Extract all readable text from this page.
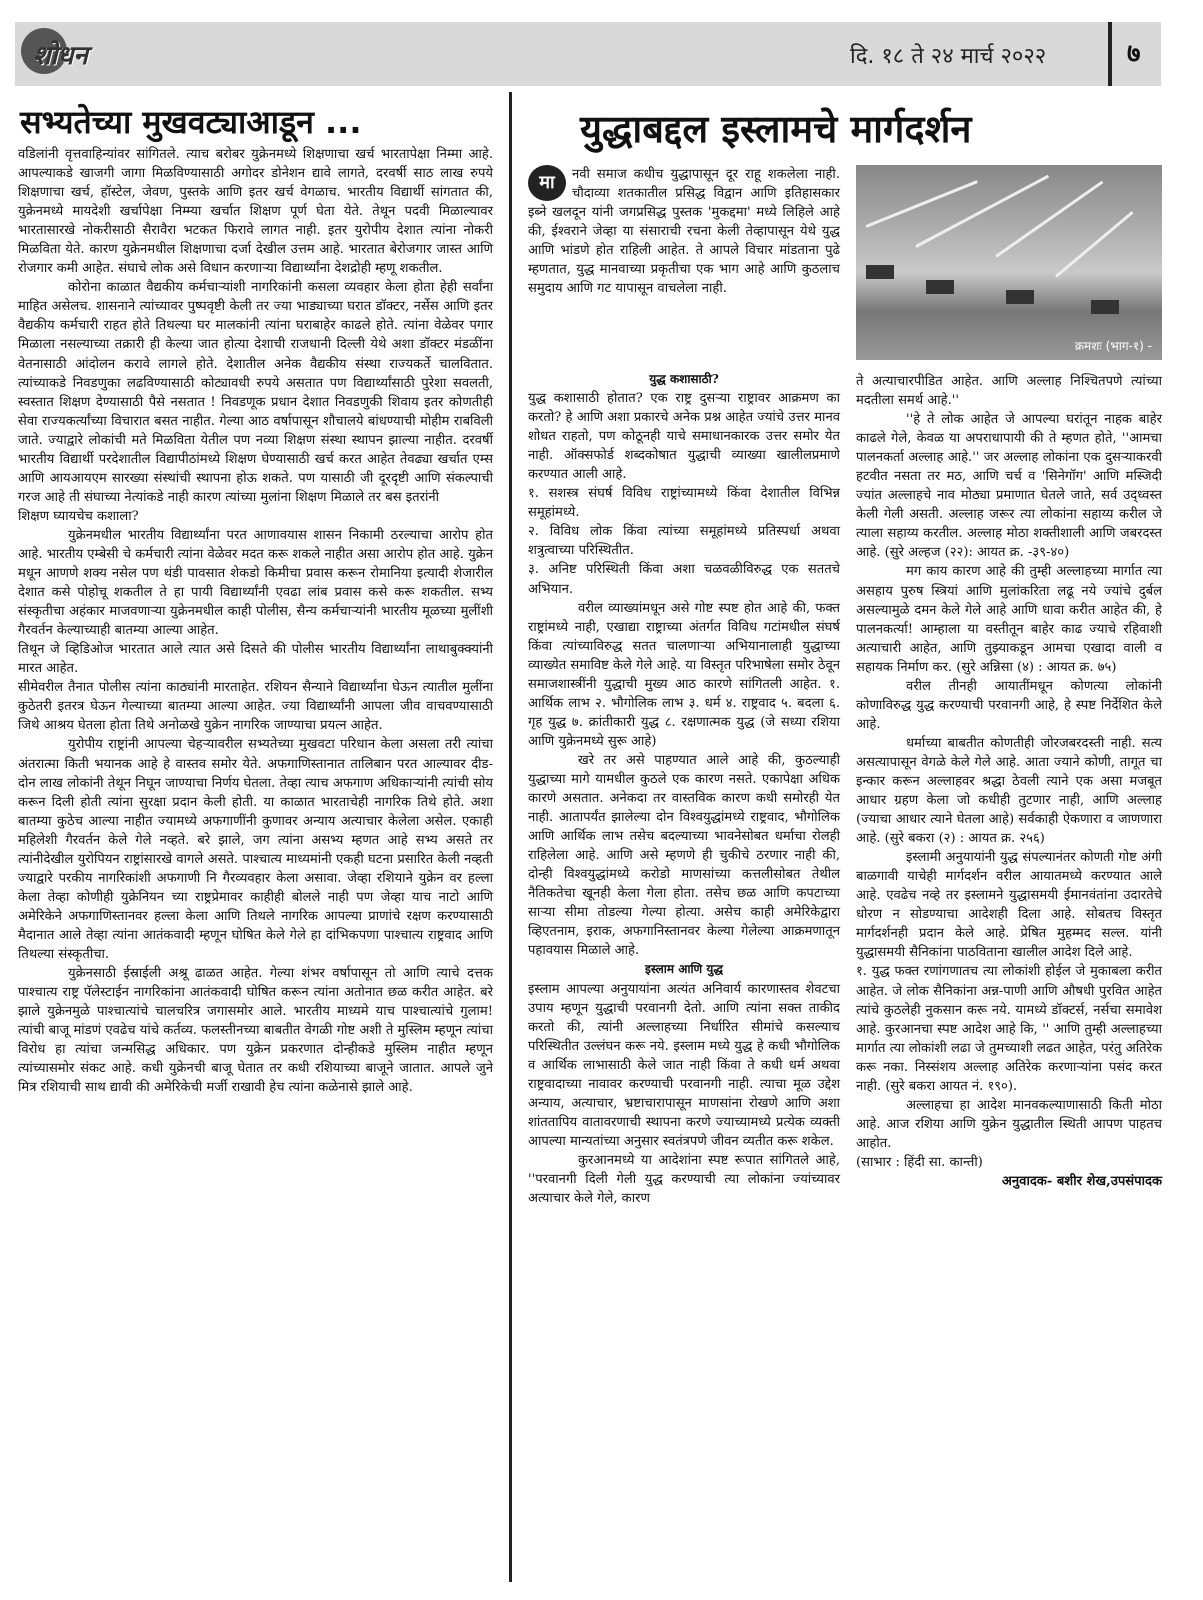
शोधन	दि. १८ ते २४ मार्च २०२२	७
सभ्यतेच्या मुखवट्याआडून ...

वडिलांनी वृत्तवाहिन्यांवर सांगितले. त्याच बरोबर युक्रेनमध्ये शिक्षणाचा खर्च भारतापेक्षा निम्मा आहे. आपल्याकडे खाजगी जागा मिळविण्यासाठी अगोदर डोनेशन द्यावे लागते, दरवर्षी साठ लाख रुपये शिक्षणाचा खर्च, हॉस्टेल, जेवण, पुस्तके आणि इतर खर्च वेगळाच. भारतीय विद्यार्थी सांगतात की, युक्रेनमध्ये मायदेशी खर्चापेक्षा निम्म्या खर्चात शिक्षण पूर्ण घेता येते. तेथून पदवी मिळाल्यावर भारतासारखे नोकरीसाठी सैरावैरा भटकत फिरावे लागत नाही. इतर युरोपीय देशात त्यांना नोकरी मिळविता येते. कारण युक्रेनमधील शिक्षणाचा दर्जा देखील उत्तम आहे. भारतात बेरोजगार जास्त आणि रोजगार कमी आहेत. संघाचे लोक असे विधान करणाऱ्या विद्यार्थ्यांना देशद्रोही म्हणू शकतील.

कोरोना काळात वैद्यकीय कर्मचाऱ्यांशी नागरिकांनी कसला व्यवहार केला होता हेही सर्वांना माहित असेलच. शासनाने त्यांच्यावर पुष्पवृष्टी केली तर ज्या भाड्याच्या घरात डॉक्टर, नर्सेस आणि इतर वैद्यकीय कर्मचारी राहत होते तिथल्या घर मालकांनी त्यांना घराबाहेर काढले होते. त्यांना वेळेवर पगार मिळाला नसल्याच्या तक्रारी ही केल्या जात होत्या देशाची राजधानी दिल्ली येथे अशा डॉक्टर मंडळींना वेतनासाठी आंदोलन करावे लागले होते. देशातील अनेक वैद्यकीय संस्था राज्यकर्ते चालवितात. त्यांच्याकडे निवडणुका लढविण्यासाठी कोट्यावधी रुपये असतात पण विद्यार्थ्यांसाठी पुरेशा सवलती, स्वस्तात शिक्षण देण्यासाठी पैसे नसतात ! निवडणूक प्रधान देशात निवडणुकी शिवाय इतर कोणतीही सेवा राज्यकर्त्यांच्या विचारात बसत नाहीत. गेल्या आठ वर्षापासून शौचालये बांधण्याची मोहीम राबविली जाते. ज्याद्वारे लोकांची मते मिळविता येतील पण नव्या शिक्षण संस्था स्थापन झाल्या नाहीत. दरवर्षी भारतीय विद्यार्थी परदेशातील विद्यापीठांमध्ये शिक्षण घेण्यासाठी खर्च करत आहेत तेवढ्या खर्चात एम्स आणि आयआयएम सारख्या संस्थांची स्थापना होऊ शकते. पण यासाठी जी दूरदृष्टी आणि संकल्पाची गरज आहे ती संघाच्या नेत्यांकडे नाही कारण त्यांच्या मुलांना शिक्षण मिळाले तर बस इतरांनी

शिक्षण घ्यायचेच कशाला?

युक्रेनमधील भारतीय विद्यार्थ्यांना परत आणावयास शासन निकामी ठरल्याचा आरोप होत आहे. भारतीय एम्बेसी चे कर्मचारी त्यांना वेळेवर मदत करू शकले नाहीत असा आरोप होत आहे. युक्रेन मधून आणणे शक्य नसेल पण थंडी पावसात शेकडो किमीचा प्रवास करून रोमानिया इत्यादी शेजारील देशात कसे पोहोचू शकतील ते हा पायी विद्यार्थ्यांनी एवढा लांब प्रवास कसे करू शकतील. सभ्य संस्कृतीचा अहंकार माजवणाऱ्या युक्रेनमधील काही पोलीस, सैन्य कर्मचाऱ्यांनी भारतीय मूळच्या मुलींशी गैरवर्तन केल्याच्याही बातम्या आल्या आहेत.

तिथून जे व्हिडिओज भारतात आले त्यात असे दिसते की पोलीस भारतीय विद्यार्थ्यांना लाथाबुक्क्यांनी मारत आहेत.

सीमेवरील तैनात पोलीस त्यांना काठ्यांनी मारताहेत. रशियन सैन्याने विद्यार्थ्यांना घेऊन त्यातील मुलींना कुठेतरी इतरत्र घेऊन गेल्याच्या बातम्या आल्या आहेत. ज्या विद्यार्थ्यांनी आपला जीव वाचवण्यासाठी जिथे आश्रय घेतला होता तिथे अनोळखे युक्रेन नागरिक जाण्याचा प्रयत्न आहेत.

युरोपीय राष्ट्रांनी आपल्या चेहऱ्यावरील सभ्यतेच्या मुखवटा परिधान केला असला तरी त्यांचा अंतरात्मा किती भयानक आहे हे वास्तव समोर येते. अफगाणिस्तानात तालिबान परत आल्यावर दीड-दोन लाख लोकांनी तेथून निघून जाण्याचा निर्णय घेतला. तेव्हा त्याच अफगाण अधिकाऱ्यांनी त्यांची सोय करून दिली होती त्यांना सुरक्षा प्रदान केली होती. या काळात भारताचेही नागरिक तिथे होते. अशा बातम्या कुठेच आल्या नाहीत ज्यामध्ये अफगाणींनी कुणावर अन्याय अत्याचार केलेला असेल. एकाही महिलेशी गैरवर्तन केले गेले नव्हते. बरे झाले, जग त्यांना असभ्य म्हणत आहे सभ्य असते तर त्यांनीदेखील युरोपियन राष्ट्रांसारखे वागले असते. पाश्चात्य माध्यमांनी एकही घटना प्रसारित केली नव्हती ज्याद्वारे परकीय नागरिकांशी अफगाणी नि गैरव्यवहार केला असावा. जेव्हा रशियाने युक्रेन वर हल्ला केला तेव्हा कोणीही युक्रेनियन च्या राष्ट्रप्रेमावर काहीही बोलले नाही पण जेव्हा याच नाटो आणि अमेरिकेने अफगाणिस्तानवर हल्ला केला आणि तिथले नागरिक आपल्या प्राणांचे रक्षण करण्यासाठी मैदानात आले तेव्हा त्यांना आतंकवादी म्हणून घोषित केले गेले हा दांभिकपणा पाश्चात्य राष्ट्रवाद आणि तिथल्या संस्कृतीचा.

युक्रेनसाठी ईस्राईली अश्रू ढाळत आहेत. गेल्या शंभर वर्षापासून तो आणि त्याचे दत्तक पाश्चात्य राष्ट्र पॅलेस्टाईन नागरिकांना आतंकवादी घोषित करून त्यांना अतोनात छळ करीत आहेत. बरे झाले युक्रेनमुळे पाश्चात्यांचे चालचरित्र जगासमोर आले. भारतीय माध्यमे याच पाश्चात्यांचे गुलाम! त्यांची बाजू मांडणं एवढेच यांचे कर्तव्य. फलस्तीनच्या बाबतीत वेगळी गोष्ट अशी ते मुस्लिम म्हणून त्यांचा विरोध हा त्यांचा जन्मसिद्ध अधिकार. पण युक्रेन प्रकरणात दोन्हीकडे मुस्लिम नाहीत म्हणून त्यांच्यासमोर संकट आहे. कधी युक्रेनची बाजू घेतात तर कधी रशियाच्या बाजूने जातात. आपले जुने मित्र रशियाची साथ द्यावी की अमेरिकेची मर्जी राखावी हेच त्यांना कळेनासे झाले आहे.

युद्धाबद्दल इस्लामचे मार्गदर्शन
मा	नवी समाज कधीच युद्धापासून दूर राहू शकलेला नाही. चौदाव्या शतकातील प्रसिद्ध विद्वान आणि इतिहासकार इब्ने खलदून यांनी जगप्रसिद्ध पुस्तक 'मुकद्दमा' मध्ये लिहिले आहे की, ईश्वराने जेव्हा या संसाराची रचना केली तेव्हापासून येथे युद्ध आणि भांडणे होत राहिली आहेत. ते आपले विचार मांडताना पुढे म्हणतात, युद्ध मानवाच्या प्रकृतीचा एक भाग आहे आणि कुठलाच समुदाय आणि गट यापासून वाचलेला नाही.

क्रमशः (भाग-१) -

युद्ध कशासाठी?

युद्ध कशासाठी होतात? एक राष्ट्र दुसऱ्या राष्ट्रावर आक्रमण का करतो? हे आणि अशा प्रकारचे अनेक प्रश्न आहेत ज्यांचे उत्तर मानव शोधत राहतो, पण कोठूनही याचे समाधानकारक उत्तर समोर येत नाही. ऑक्सफोर्ड शब्दकोषात युद्धाची व्याख्या खालीलप्रमाणे करण्यात आली आहे.

१. सशस्त्र संघर्ष विविध राष्ट्रांच्यामध्ये किंवा देशातील विभिन्न समूहांमध्ये.

२. विविध लोक किंवा त्यांच्या समूहांमध्ये प्रतिस्पर्धा अथवा शत्रुत्वाच्या परिस्थितीत.

३. अनिष्ट परिस्थिती किंवा अशा चळवळीविरुद्ध एक सततचे अभियान.

वरील व्याख्यांमधून असे गोष्ट स्पष्ट होत आहे की, फक्त राष्ट्रांमध्ये नाही, एखाद्या राष्ट्राच्या अंतर्गत विविध गटांमधील संघर्ष किंवा त्यांच्याविरुद्ध सतत चालणाऱ्या अभियानालाही युद्धाच्या व्याख्येत समाविष्ट केले गेले आहे. या विस्तृत परिभाषेला समोर ठेवून समाजशास्त्रींनी युद्धाची मुख्य आठ कारणे सांगितली आहेत. १. आर्थिक लाभ २. भौगोलिक लाभ ३. धर्म ४. राष्ट्रवाद ५. बदला ६. गृह युद्ध ७. क्रांतीकारी युद्ध ८. रक्षणात्मक युद्ध (जे सध्या रशिया आणि युक्रेनमध्ये सुरू आहे)

खरे तर असे पाहण्यात आले आहे की, कुठल्याही युद्धाच्या मागे यामधील कुठले एक कारण नसते. एकापेक्षा अधिक कारणे असतात. अनेकदा तर वास्तविक कारण कधी समोरही येत नाही. आतापर्यंत झालेल्या दोन विश्वयुद्धांमध्ये राष्ट्रवाद, भौगोलिक आणि आर्थिक लाभ तसेच बदल्याच्या भावनेसोबत धर्माचा रोलही राहिलेला आहे. आणि असे म्हणणे ही चुकीचे ठरणार नाही की, दोन्ही विश्वयुद्धांमध्ये करोडो माणसांच्या कत्तलीसोबत तेथील नैतिकतेचा खूनही केला गेला होता. तसेच छळ आणि कपटाच्या साऱ्या सीमा तोडल्या गेल्या होत्या. असेच काही अमेरिकेद्वारा व्हिएतनाम, इराक, अफगानिस्तानवर केल्या गेलेल्या आक्रमणातून पहावयास मिळाले आहे.

इस्लाम आणि युद्ध

इस्लाम आपल्या अनुयायांना अत्यंत अनिवार्य कारणास्तव शेवटचा उपाय म्हणून युद्धाची परवानगी देतो. आणि त्यांना सक्त ताकीद करतो की, त्यांनी अल्लाहच्या निर्धारित सीमांचे कसल्याच परिस्थितीत उल्लंघन करू नये. इस्लाम मध्ये युद्ध हे कधी भौगोलिक व आर्थिक लाभासाठी केले जात नाही किंवा ते कधी धर्म अथवा राष्ट्रवादाच्या नावावर करण्याची परवानगी नाही. त्याचा मूळ उद्देश अन्याय, अत्याचार, भ्रष्टाचारापासून माणसांना रोखणे आणि अशा शांततापिय वातावरणाची स्थापना करणे ज्याच्यामध्ये प्रत्येक व्यक्ती आपल्या मान्यतांच्या अनुसार स्वतंत्रपणे जीवन व्यतीत करू शकेल.

कुरआनमध्ये या आदेशांना स्पष्ट रूपात सांगितले आहे, ''परवानगी दिली गेली युद्ध करण्याची त्या लोकांना ज्यांच्यावर अत्याचार केले गेले, कारण

ते अत्याचारपीडित आहेत. आणि अल्लाह निश्चितपणे त्यांच्या मदतीला समर्थ आहे.''

''हे ते लोक आहेत जे आपल्या घरांतून नाहक बाहेर काढले गेले, केवळ या अपराधापायी की ते म्हणत होते, ''आमचा पालनकर्ता अल्लाह आहे.'' जर अल्लाह लोकांना एक दुसऱ्याकरवी हटवीत नसता तर मठ, आणि चर्च व 'सिनेगॉग' आणि मस्जिदी ज्यांत अल्लाहचे नाव मोठ्या प्रमाणात घेतले जाते, सर्व उद्ध्वस्त केली गेली असती. अल्लाह जरूर त्या लोकांना सहाय्य करील जे त्याला सहाय्य करतील. अल्लाह मोठा शक्तीशाली आणि जबरदस्त आहे. (सुरे अल्हज (२२): आयत क्र. -३९-४०)

मग काय कारण आहे की तुम्ही अल्लाहच्या मार्गात त्या असहाय पुरुष स्त्रियां आणि मुलांकरिता लढू नये ज्यांचे दुर्बल असल्यामुळे दमन केले गेले आहे आणि धावा करीत आहेत की, हे पालनकर्त्या! आम्हाला या वस्तीतून बाहेर काढ ज्याचे रहिवाशी अत्याचारी आहेत, आणि तुझ्याकडून आमचा एखादा वाली व सहायक निर्माण कर. (सुरे अन्निसा (४) : आयत क्र. ७५)

वरील तीनही आयातींमधून कोणत्या लोकांनी कोणाविरुद्ध युद्ध करण्याची परवानगी आहे, हे स्पष्ट निर्देशित केले आहे.

धर्माच्या बाबतीत कोणतीही जोरजबरदस्ती नाही. सत्य असत्यापासून वेगळे केले गेले आहे. आता ज्याने कोणी, तागूत चा इन्कार करून अल्लाहवर श्रद्धा ठेवली त्याने एक असा मजबूत आधार ग्रहण केला जो कधीही तुटणार नाही, आणि अल्लाह (ज्याचा आधार त्याने घेतला आहे) सर्वकाही ऐकणारा व जाणणारा आहे. (सुरे बकरा (२) : आयत क्र. २५६)

इस्लामी अनुयायांनी युद्ध संपल्यानंतर कोणती गोष्ट अंगी बाळगावी याचेही मार्गदर्शन वरील आयातमध्ये करण्यात आले आहे. एवढेच नव्हे तर इस्लामने युद्धासमयी ईमानवंतांना उदारतेचे धोरण न सोडण्याचा आदेशही दिला आहे. सोबतच विस्तृत मार्गदर्शनही प्रदान केले आहे. प्रेषित मुहम्मद सल्ल. यांनी युद्धासमयी सैनिकांना पाठविताना खालील आदेश दिले आहे.

१. युद्ध फक्त रणांगणातच त्या लोकांशी होईल जे मुकाबला करीत आहेत. जे लोक सैनिकांना अन्न-पाणी आणि औषधी पुरवित आहेत त्यांचे कुठलेही नुकसान करू नये. यामध्ये डॉक्टर्स, नर्सचा समावेश आहे. कुरआनचा स्पष्ट आदेश आहे कि, '' आणि तुम्ही अल्लाहच्या मार्गात त्या लोकांशी लढा जे तुमच्याशी लढत आहेत, परंतु अतिरेक करू नका. निस्संशय अल्लाह अतिरेक करणाऱ्यांना पसंद करत नाही. (सुरे बकरा आयत नं. १९०).

अल्लाहचा हा आदेश मानवकल्याणासाठी किती मोठा आहे. आज रशिया आणि युक्रेन युद्धातील स्थिती आपण पाहतच आहोत.

(साभार : हिंदी सा. कान्ती)

अनुवादक- बशीर शेख,उपसंपादक
